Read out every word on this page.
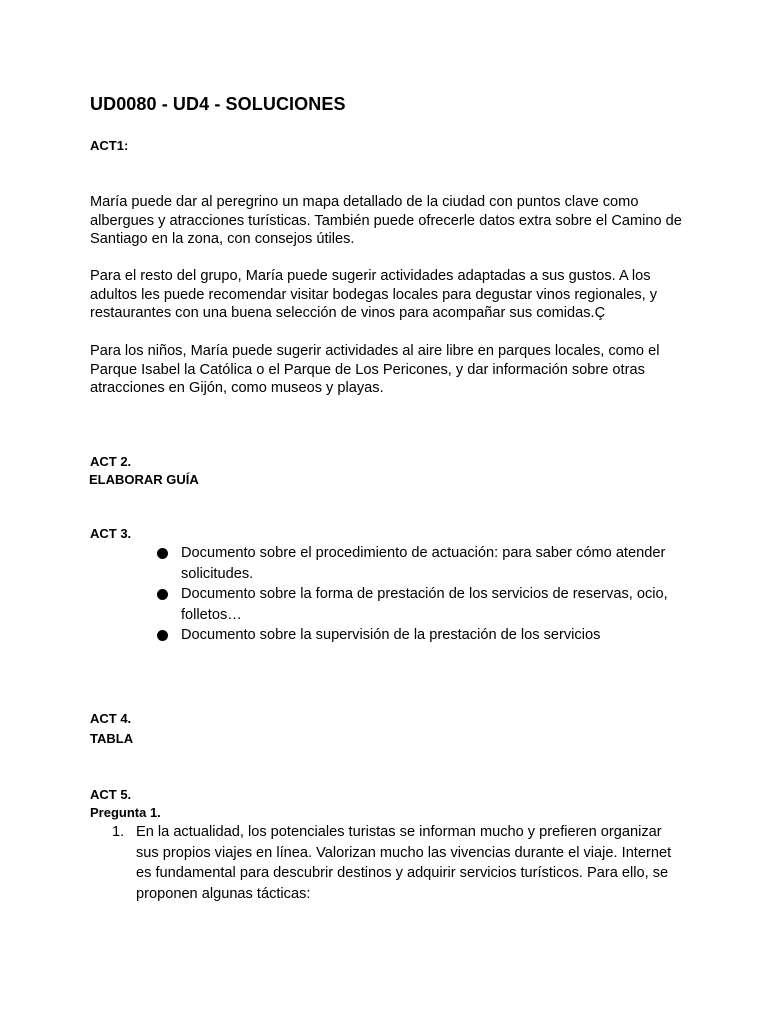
UD0080 - UD4 - SOLUCIONES
ACT1:

María puede dar al peregrino un mapa detallado de la ciudad con puntos clave como albergues y atracciones turísticas. También puede ofrecerle datos extra sobre el Camino de Santiago en la zona, con consejos útiles.

Para el resto del grupo, María puede sugerir actividades adaptadas a sus gustos. A los adultos les puede recomendar visitar bodegas locales para degustar vinos regionales, y restaurantes con una buena selección de vinos para acompañar sus comidas.Ç

Para los niños, María puede sugerir actividades al aire libre en parques locales, como el Parque Isabel la Católica o el Parque de Los Pericones, y dar información sobre otras atracciones en Gijón, como museos y playas.

ACT 2.
ELABORAR GUÍA
ACT 3.
Documento sobre el procedimiento de actuación: para saber cómo atender solicitudes.
Documento sobre la forma de prestación de los servicios de reservas, ocio, folletos…
Documento sobre la supervisión de la prestación de los servicios
ACT 4.
TABLA
ACT 5.
Pregunta 1.
1. En la actualidad, los potenciales turistas se informan mucho y prefieren organizar sus propios viajes en línea. Valorizan mucho las vivencias durante el viaje. Internet es fundamental para descubrir destinos y adquirir servicios turísticos. Para ello, se proponen algunas tácticas:
